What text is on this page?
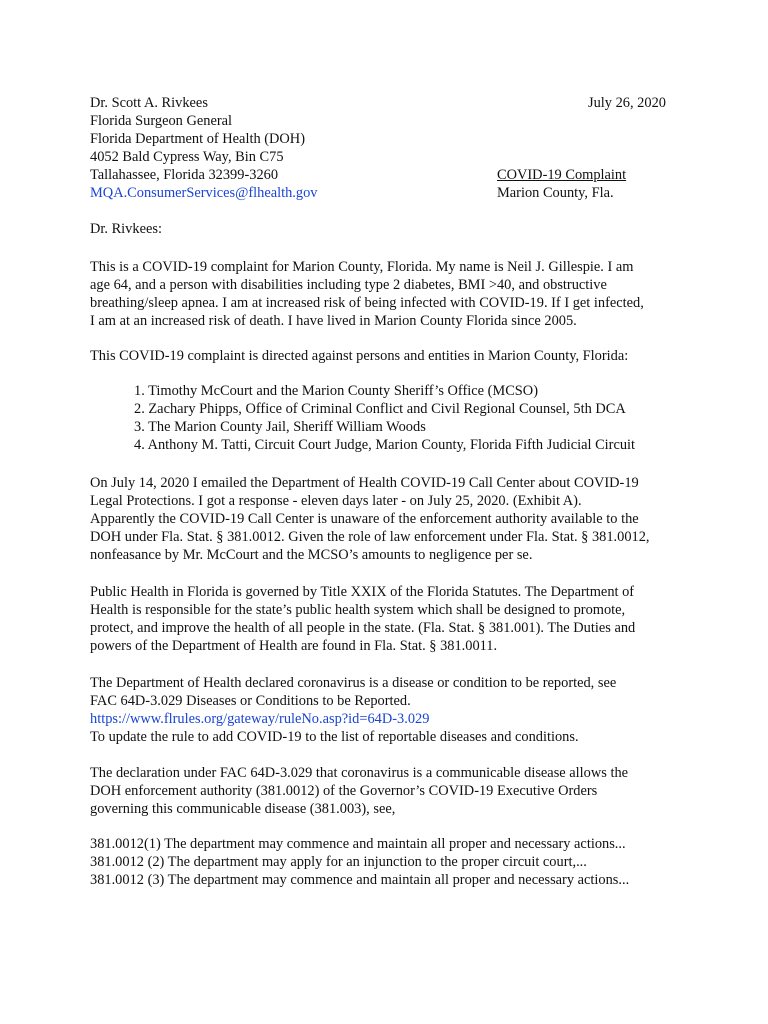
Dr. Scott A. Rivkees	July 26, 2020
Florida Surgeon General
Florida Department of Health (DOH)
4052 Bald Cypress Way, Bin C75
Tallahassee, Florida 32399-3260	COVID-19 Complaint
MQA.ConsumerServices@flhealth.gov	Marion County, Fla.
Dr. Rivkees:
This is a COVID-19 complaint for Marion County, Florida. My name is Neil J. Gillespie. I am
age 64, and a person with disabilities including type 2 diabetes, BMI >40, and obstructive
breathing/sleep apnea. I am at increased risk of being infected with COVID-19. If I get infected,
I am at an increased risk of death. I have lived in Marion County Florida since 2005.
This COVID-19 complaint is directed against persons and entities in Marion County, Florida:
1. Timothy McCourt and the Marion County Sheriff’s Office (MCSO)
2. Zachary Phipps, Office of Criminal Conflict and Civil Regional Counsel, 5th DCA
3. The Marion County Jail, Sheriff William Woods
4. Anthony M. Tatti, Circuit Court Judge, Marion County, Florida Fifth Judicial Circuit
On July 14, 2020 I emailed the Department of Health COVID-19 Call Center about COVID-19
Legal Protections. I got a response - eleven days later - on July 25, 2020. (Exhibit A).
Apparently the COVID-19 Call Center is unaware of the enforcement authority available to the
DOH under Fla. Stat. § 381.0012. Given the role of law enforcement under Fla. Stat. § 381.0012,
nonfeasance by Mr. McCourt and the MCSO’s amounts to negligence per se.
Public Health in Florida is governed by Title XXIX of the Florida Statutes. The Department of
Health is responsible for the state’s public health system which shall be designed to promote,
protect, and improve the health of all people in the state. (Fla. Stat. § 381.001). The Duties and
powers of the Department of Health are found in Fla. Stat. § 381.0011.
The Department of Health declared coronavirus is a disease or condition to be reported, see
FAC 64D-3.029 Diseases or Conditions to be Reported.
https://www.flrules.org/gateway/ruleNo.asp?id=64D-3.029
To update the rule to add COVID-19 to the list of reportable diseases and conditions.
The declaration under FAC 64D-3.029 that coronavirus is a communicable disease allows the
DOH enforcement authority (381.0012) of the Governor’s COVID-19 Executive Orders
governing this communicable disease (381.003), see,
381.0012(1) The department may commence and maintain all proper and necessary actions...
381.0012 (2) The department may apply for an injunction to the proper circuit court,...
381.0012 (3) The department may commence and maintain all proper and necessary actions...
